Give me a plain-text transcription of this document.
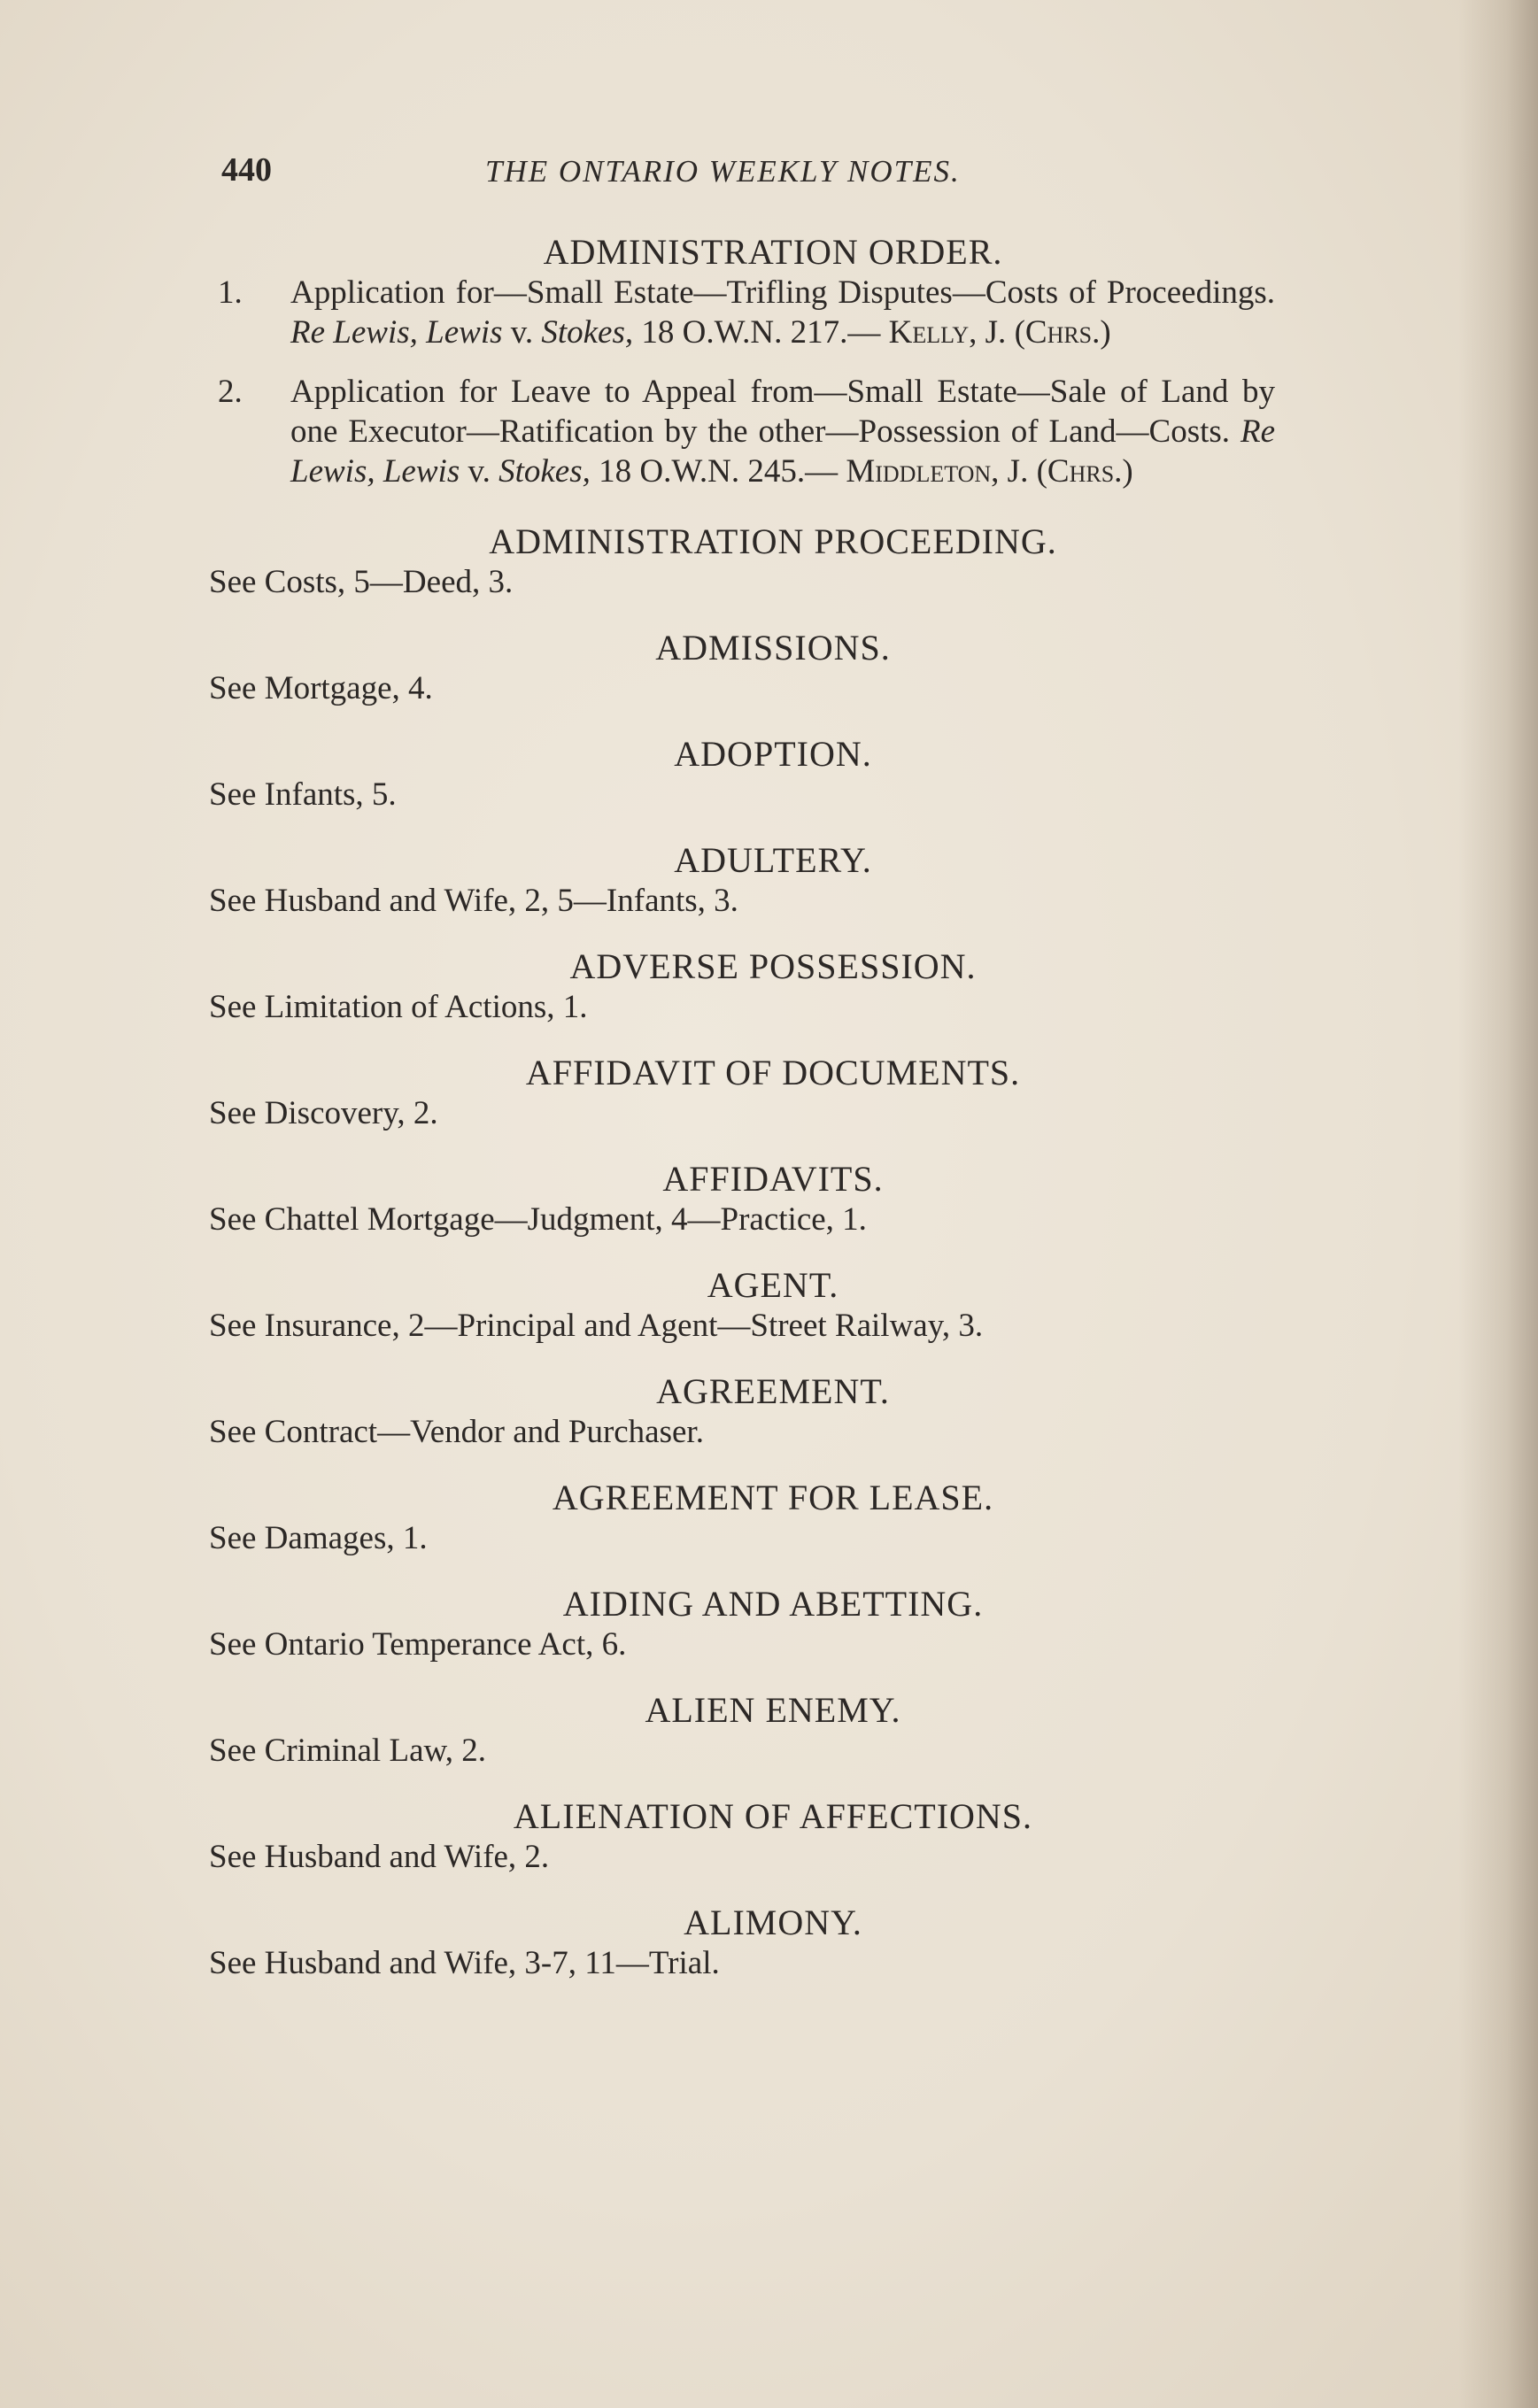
440	THE ONTARIO WEEKLY NOTES.
ADMINISTRATION ORDER.

1. Application for—Small Estate—Trifling Disputes—Costs of Proceedings. Re Lewis, Lewis v. Stokes, 18 O.W.N. 217.— Kelly, J. (Chrs.)

2. Application for Leave to Appeal from—Small Estate—Sale of Land by one Executor—Ratification by the other—Possession of Land—Costs. Re Lewis, Lewis v. Stokes, 18 O.W.N. 245.— Middleton, J. (Chrs.)

ADMINISTRATION PROCEEDING.

See Costs, 5—Deed, 3.

ADMISSIONS.

See Mortgage, 4.

ADOPTION.

See Infants, 5.

ADULTERY.

See Husband and Wife, 2, 5—Infants, 3.

ADVERSE POSSESSION.

See Limitation of Actions, 1.

AFFIDAVIT OF DOCUMENTS.

See Discovery, 2.

AFFIDAVITS.

See Chattel Mortgage—Judgment, 4—Practice, 1.

AGENT.

See Insurance, 2—Principal and Agent—Street Railway, 3.

AGREEMENT.

See Contract—Vendor and Purchaser.

AGREEMENT FOR LEASE.

See Damages, 1.

AIDING AND ABETTING.

See Ontario Temperance Act, 6.

ALIEN ENEMY.

See Criminal Law, 2.

ALIENATION OF AFFECTIONS.

See Husband and Wife, 2.

ALIMONY.

See Husband and Wife, 3-7, 11—Trial.
